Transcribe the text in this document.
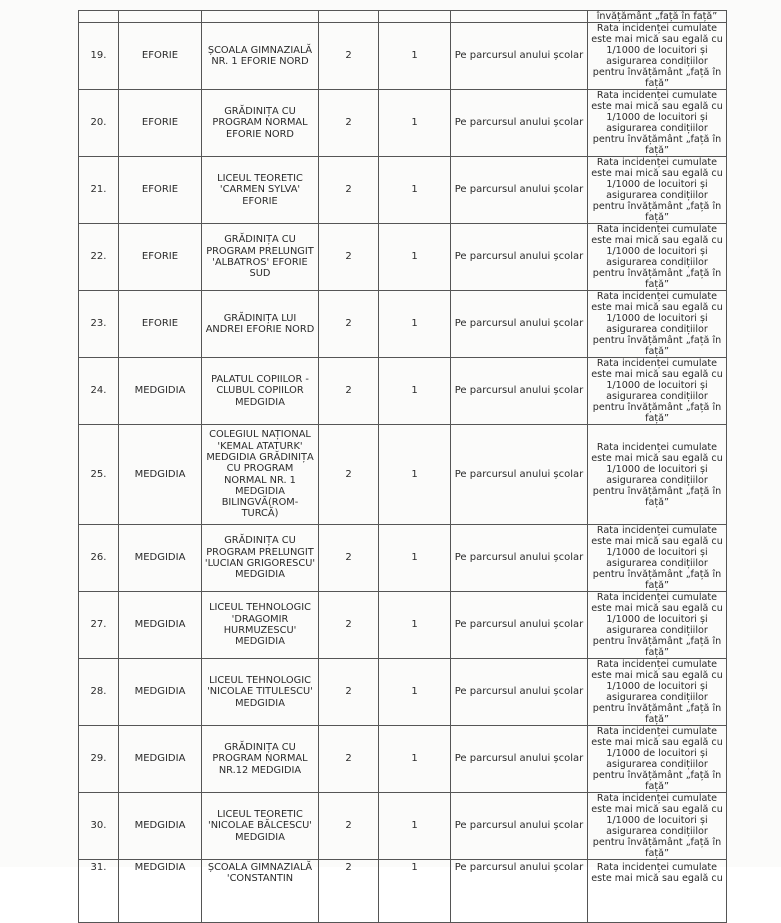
						învățământ „față în față”
19.	EFORIE	ȘCOALA GIMNAZIALĂ NR. 1 EFORIE NORD	2	1	Pe parcursul anului școlar	Rata incidenței cumulate este mai mică sau egală cu 1/1000 de locuitori și asigurarea condițiilor pentru învățământ „față în față”
20.	EFORIE	GRĂDINIȚA CU PROGRAM NORMAL EFORIE NORD	2	1	Pe parcursul anului școlar	Rata incidenței cumulate este mai mică sau egală cu 1/1000 de locuitori și asigurarea condițiilor pentru învățământ „față în față”
21.	EFORIE	LICEUL TEORETIC 'CARMEN SYLVA' EFORIE	2	1	Pe parcursul anului școlar	Rata incidenței cumulate este mai mică sau egală cu 1/1000 de locuitori și asigurarea condițiilor pentru învățământ „față în față”
22.	EFORIE	GRĂDINIȚA CU PROGRAM PRELUNGIT 'ALBATROS' EFORIE SUD	2	1	Pe parcursul anului școlar	Rata incidenței cumulate este mai mică sau egală cu 1/1000 de locuitori și asigurarea condițiilor pentru învățământ „față în față”
23.	EFORIE	GRĂDINIȚA LUI ANDREI EFORIE NORD	2	1	Pe parcursul anului școlar	Rata incidenței cumulate este mai mică sau egală cu 1/1000 de locuitori și asigurarea condițiilor pentru învățământ „față în față”
24.	MEDGIDIA	PALATUL COPIILOR - CLUBUL COPIILOR MEDGIDIA	2	1	Pe parcursul anului școlar	Rata incidenței cumulate este mai mică sau egală cu 1/1000 de locuitori și asigurarea condițiilor pentru învățământ „față în față”
25.	MEDGIDIA	COLEGIUL NAȚIONAL 'KEMAL ATATURK' MEDGIDIA GRĂDINIȚA CU PROGRAM NORMAL NR. 1 MEDGIDIA BILINGVĂ(ROM-TURCĂ)	2	1	Pe parcursul anului școlar	Rata incidenței cumulate este mai mică sau egală cu 1/1000 de locuitori și asigurarea condițiilor pentru învățământ „față în față”
26.	MEDGIDIA	GRĂDINIȚA CU PROGRAM PRELUNGIT 'LUCIAN GRIGORESCU' MEDGIDIA	2	1	Pe parcursul anului școlar	Rata incidenței cumulate este mai mică sau egală cu 1/1000 de locuitori și asigurarea condițiilor pentru învățământ „față în față”
27.	MEDGIDIA	LICEUL TEHNOLOGIC 'DRAGOMIR HURMUZESCU' MEDGIDIA	2	1	Pe parcursul anului școlar	Rata incidenței cumulate este mai mică sau egală cu 1/1000 de locuitori și asigurarea condițiilor pentru învățământ „față în față”
28.	MEDGIDIA	LICEUL TEHNOLOGIC 'NICOLAE TITULESCU' MEDGIDIA	2	1	Pe parcursul anului școlar	Rata incidenței cumulate este mai mică sau egală cu 1/1000 de locuitori și asigurarea condițiilor pentru învățământ „față în față”
29.	MEDGIDIA	GRĂDINIȚA CU PROGRAM NORMAL NR.12 MEDGIDIA	2	1	Pe parcursul anului școlar	Rata incidenței cumulate este mai mică sau egală cu 1/1000 de locuitori și asigurarea condițiilor pentru învățământ „față în față”
30.	MEDGIDIA	LICEUL TEORETIC 'NICOLAE BĂLCESCU' MEDGIDIA	2	1	Pe parcursul anului școlar	Rata incidenței cumulate este mai mică sau egală cu 1/1000 de locuitori și asigurarea condițiilor pentru învățământ „față în față”
31.	MEDGIDIA	ȘCOALA GIMNAZIALĂ 'CONSTANTIN	2	1	Pe parcursul anului școlar	Rata incidenței cumulate este mai mică sau egală cu
